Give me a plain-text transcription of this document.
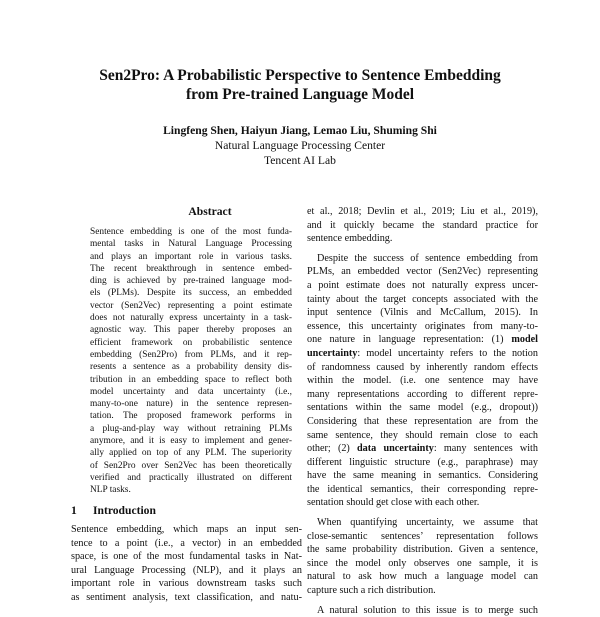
Sen2Pro: A Probabilistic Perspective to Sentence Embedding
from Pre-trained Language Model
Lingfeng Shen, Haiyun Jiang, Lemao Liu, Shuming Shi
Natural Language Processing Center
Tencent AI Lab
Abstract
Sentence embedding is one of the most funda-
mental tasks in Natural Language Processing
and plays an important role in various tasks.
The recent breakthrough in sentence embed-
ding is achieved by pre-trained language mod-
els (PLMs). Despite its success, an embedded
vector (Sen2Vec) representing a point estimate
does not naturally express uncertainty in a task-
agnostic way. This paper thereby proposes an
efficient framework on probabilistic sentence
embedding (Sen2Pro) from PLMs, and it rep-
resents a sentence as a probability density dis-
tribution in an embedding space to reflect both
model uncertainty and data uncertainty (i.e.,
many-to-one nature) in the sentence represen-
tation. The proposed framework performs in
a plug-and-play way without retraining PLMs
anymore, and it is easy to implement and gener-
ally applied on top of any PLM. The superiority
of Sen2Pro over Sen2Vec has been theoretically
verified and practically illustrated on different
NLP tasks.
1 Introduction
Sentence embedding, which maps an input sen-
tence to a point (i.e., a vector) in an embedded
space, is one of the most fundamental tasks in Nat-
ural Language Processing (NLP), and it plays an
important role in various downstream tasks such
as sentiment analysis, text classification, and natu-
et al., 2018; Devlin et al., 2019; Liu et al., 2019),
and it quickly became the standard practice for
sentence embedding.
Despite the success of sentence embedding from
PLMs, an embedded vector (Sen2Vec) representing
a point estimate does not naturally express uncer-
tainty about the target concepts associated with the
input sentence (Vilnis and McCallum, 2015). In
essence, this uncertainty originates from many-to-
one nature in language representation: (1) model
uncertainty: model uncertainty refers to the notion
of randomness caused by inherently random effects
within the model. (i.e. one sentence may have
many representations according to different repre-
sentations within the same model (e.g., dropout))
Considering that these representation are from the
same sentence, they should remain close to each
other; (2) data uncertainty: many sentences with
different linguistic structure (e.g., paraphrase) may
have the same meaning in semantics. Considering
the identical semantics, their corresponding repre-
sentation should get close with each other.
When quantifying uncertainty, we assume that
close-semantic sentences’ representation follows
the same probability distribution. Given a sentence,
since the model only observes one sample, it is
natural to ask how much a language model can
capture such a rich distribution.
A natural solution to this issue is to merge such
